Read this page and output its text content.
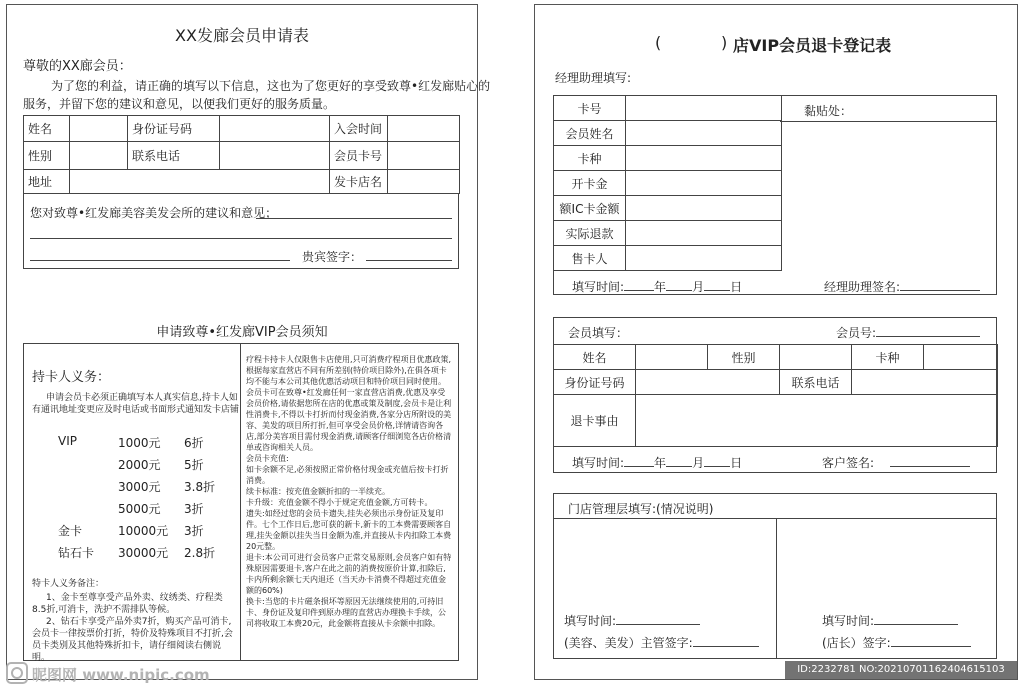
XX发廊会员申请表
尊敬的XX廊会员：
为了您的利益，请正确的填写以下信息，这也为了您更好的享受致尊•红发廊贴心的
服务，并留下您的建议和意见，以便我们更好的服务质量。
姓名		身份证号码		入会时间	
性别		联系电话		会员卡号	
地址				发卡店名	
您对致尊•红发廊美容美发会所的建议和意见；
贵宾签字：
申请致尊•红发廊VIP会员须知
持卡人义务：
申请会员卡必须正确填写本人真实信息,持卡人如
有通讯地址变更应及时电话或书面形式通知发卡店铺
VIP	1000元 6折
2000元 5折
3000元 3.8折
5000元 3折
金卡	10000元 3折
钻石卡 30000元 2.8折
特卡人义务备注：
1、金卡至尊享受产品外卖、纹绣类、疗程类8.5折,可消卡，洗护不需排队等候。
2、钻石卡享受产品外卖7折，购买产品可消卡,会员卡一律按票价打折，特价及特殊项目不打折,会员卡类别及其他特殊折扣卡，请仔细阅读右侧说明。
疗程卡持卡人仅限售卡店使用,只可消费疗程项目优惠政策,根据每家直营店不同有所差别(特价项目除外),在俱各项卡均不能与本公司其他优惠活动项目和特价项目同时使用。
会员卡可在致尊•红发廊任何一家直营店消费,优惠及享受会员价格,请依据您所在店的优惠或策及制度,会员卡是让利性消费卡,不得以卡打折而付现金消费,各家分店所附设的美容、美发的项目所打折,但可享受会员价格,详情请咨询各店,部分美容项目需付现金消费,请顾客仔细浏览各店价格清单或咨询相关人员。
会员卡充值:
如卡余额不足,必须按照正常价格付现金或充值后按卡打折消费。
续卡标准：按充值金额折扣的一半续充。
卡升级：充值金额不得小于规定充值金额,方可转卡。
遗失:如经过您的会员卡遗失,挂失必须出示身份证及复印件。七个工作日后,您可获的新卡,新卡的工本费需要顾客自理,挂失金额以挂失当日金额为准,并直接从卡内扣除工本费20元整。
退卡:本公司可进行会员客户正常交易原则,会员客户如有特殊原因需要退卡,客户在此之前的消费按原价计算,扣除后,卡内所剩余额七天内退还（当天办卡消费不得超过充值金额的60%)
换卡:当您的卡片磁条损坏等原因无法继续使用的,可持旧卡、身份证及复印件到原办理的直营店办理换卡手续，公司将收取工本费20元，此金额将直接从卡余额中扣除。
昵图网 www.nipic.com
(	) 店VIP会员退卡登记表
经理助理填写:
卡号	
会员姓名	
卡种	
开卡金	
额IC卡金额	
实际退款	
售卡人	
黏贴处：
填写时间:	年 月 日	经理助理签名:
会员填写：	会员号:
姓名		性别		卡种	
身份证号码			联系电话		
退卡事由					
填写时间:	年 月 日	客户签名:
门店管理层填写:(情况说明)
填写时间:
(美容、美发）主管签字:
填写时间:
(店长）签字:
ID:2232781 NO:20210701162404615103
